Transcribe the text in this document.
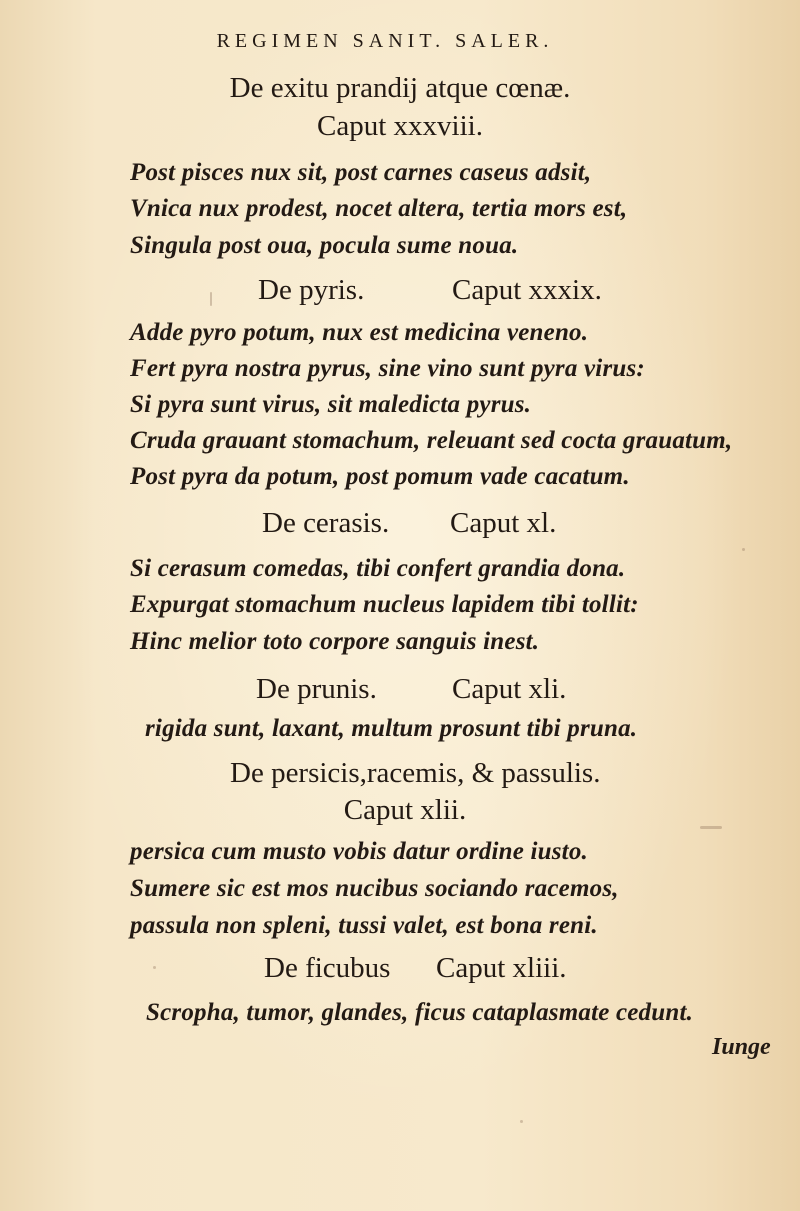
REGIMEN SANIT. SALER.
De exitu prandij atque cœnæ.
Caput xxxviii.
Post pisces nux sit, post carnes caseus adsit,
Vnica nux prodest, nocet altera, tertia mors est,
Singula post oua, pocula sume noua.
De pyris.	Caput xxxix.
Adde pyro potum, nux est medicina veneno.
Fert pyra nostra pyrus, sine vino sunt pyra virus:
Si pyra sunt virus, sit maledicta pyrus.
Cruda grauant stomachum, releuant sed cocta grauatum,
Post pyra da potum, post pomum vade cacatum.
De cerasis. Caput xl.
Si cerasum comedas, tibi confert grandia dona.
Expurgat stomachum nucleus lapidem tibi tollit:
Hinc melior toto corpore sanguis inest.
De prunis.	Caput xli.
rigida sunt, laxant, multum prosunt tibi pruna.
De persicis,racemis, & passulis.
Caput xlii.
persica cum musto vobis datur ordine iusto.
Sumere sic est mos nucibus sociando racemos,
passula non spleni, tussi valet, est bona reni.
De ficubus Caput xliii.
Scropha, tumor, glandes, ficus cataplasmate cedunt.
Iunge
